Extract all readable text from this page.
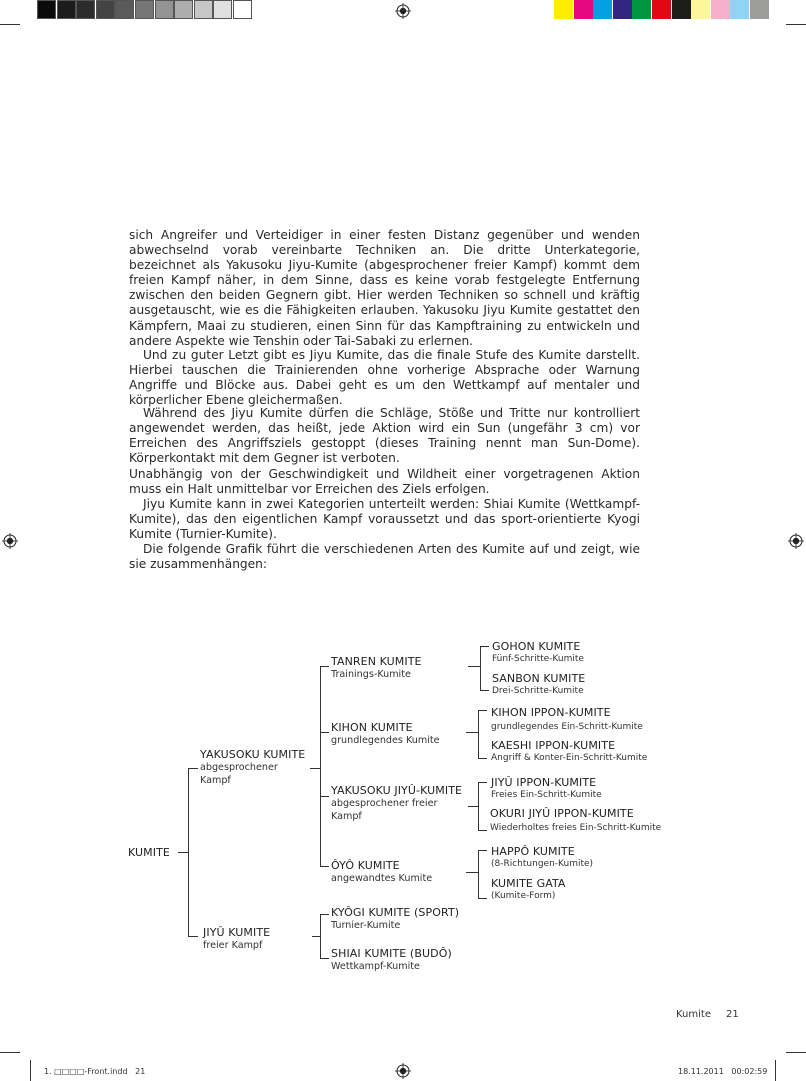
sich Angreifer und Verteidiger in einer festen Distanz gegenüber und wenden abwechselnd vorab vereinbarte Techniken an. Die dritte Unterkategorie, bezeichnet als Yakusoku Jiyu-Kumite (abgesprochener freier Kampf) kommt dem freien Kampf näher, in dem Sinne, dass es keine vorab festgelegte Entfernung zwischen den beiden Gegnern gibt. Hier werden Techniken so schnell und kräftig ausgetauscht, wie es die Fähigkeiten erlauben. Yakusoku Jiyu Kumite gestattet den Kämpfern, Maai zu studieren, einen Sinn für das Kampftraining zu entwickeln und andere Aspekte wie Tenshin oder Tai-Sabaki zu erlernen.

Und zu guter Letzt gibt es Jiyu Kumite, das die finale Stufe des Kumite darstellt. Hierbei tauschen die Trainierenden ohne vorherige Absprache oder Warnung Angriffe und Blöcke aus. Dabei geht es um den Wettkampf auf mentaler und körperlicher Ebene gleichermaßen.

Während des Jiyu Kumite dürfen die Schläge, Stöße und Tritte nur kontrolliert angewendet werden, das heißt, jede Aktion wird ein Sun (ungefähr 3 cm) vor Erreichen des Angriffsziels gestoppt (dieses Training nennt man Sun-Dome). Körperkontakt mit dem Gegner ist verboten.

Unabhängig von der Geschwindigkeit und Wildheit einer vorgetragenen Aktion muss ein Halt unmittelbar vor Erreichen des Ziels erfolgen.

Jiyu Kumite kann in zwei Kategorien unterteilt werden: Shiai Kumite (Wettkampf-Kumite), das den eigentlichen Kampf voraussetzt und das sport-orientierte Kyogi Kumite (Turnier-Kumite).

Die folgende Grafik führt die verschiedenen Arten des Kumite auf und zeigt, wie sie zusammenhängen:

KUMITE
YAKUSOKU KUMITE
abgesprochener Kampf
JIYÛ KUMITE
freier Kampf
TANREN KUMITE
Trainings-Kumite
KIHON KUMITE
grundlegendes Kumite
YAKUSOKU JIYÛ-KUMITE
abgesprochener freier Kampf
ÔYÔ KUMITE
angewandtes Kumite
KYÔGI KUMITE (SPORT)
Turnier-Kumite
SHIAI KUMITE (BUDÔ)
Wettkampf-Kumite
GOHON KUMITE
Fünf-Schritte-Kumite
SANBON KUMITE
Drei-Schritte-Kumite
KIHON IPPON-KUMITE
grundlegendes Ein-Schritt-Kumite
KAESHI IPPON-KUMITE
Angriff & Konter-Ein-Schritt-Kumite
JIYÛ IPPON-KUMITE
Freies Ein-Schritt-Kumite
OKURI JIYÛ IPPON-KUMITE
Wiederholtes freies Ein-Schritt-Kumite
HAPPÔ KUMITE
(8-Richtungen-Kumite)
KUMITE GATA
(Kumite-Form)
Kumite 21
1. □□□□-Front.indd   21	18.11.2011   00:02:59
